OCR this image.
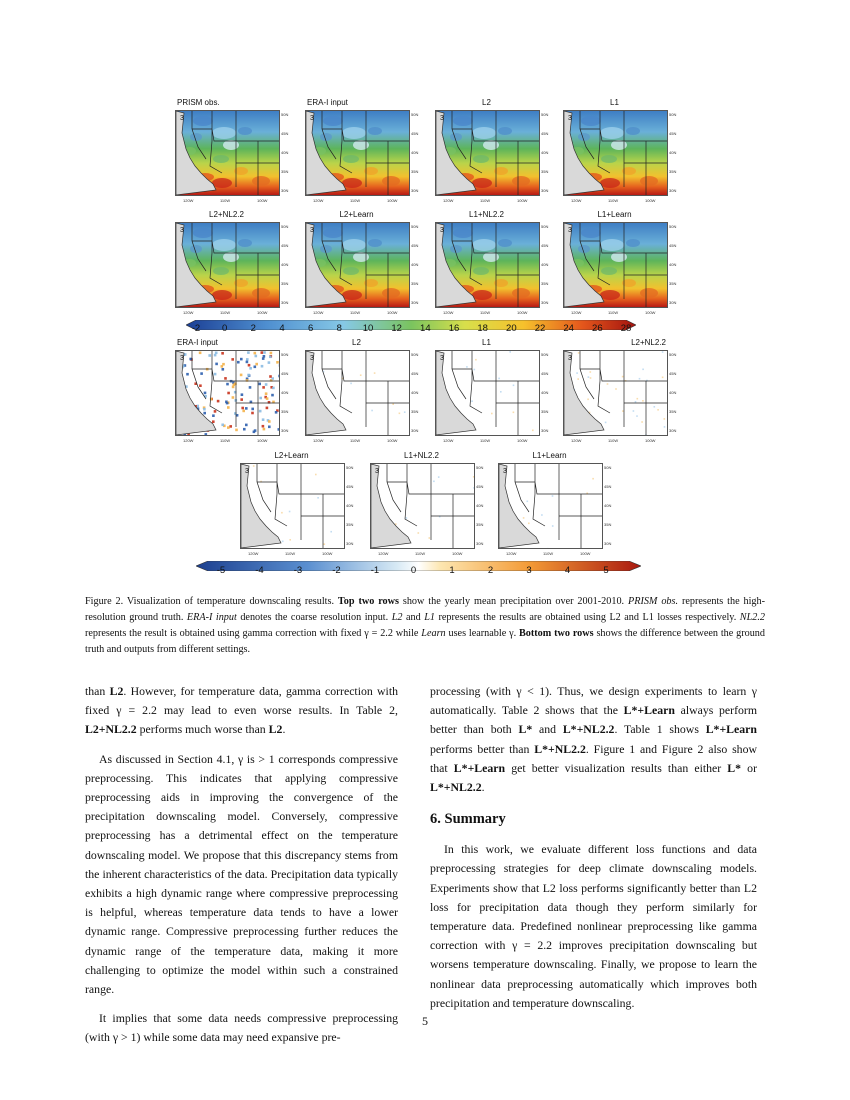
PRISM obs.
3
50N
45N
40N
35N
30N
120W	110W	100W
ERA-I input
3
50N
45N
40N
35N
30N
120W	110W	100W
L2
3
50N
45N
40N
35N
30N
120W	110W	100W
L1
3
50N
45N
40N
35N
30N
120W	110W	100W
L2+NL2.2
3
50N
45N
40N
35N
30N
120W	110W	100W
L2+Learn
3
50N
45N
40N
35N
30N
120W	110W	100W
L1+NL2.2
3
50N
45N
40N
35N
30N
120W	110W	100W
L1+Learn
3
50N
45N
40N
35N
30N
120W	110W	100W
ERA-I input
3
50N
45N
40N
35N
30N
120W	110W	100W
L2
3
50N
45N
40N
35N
30N
120W	110W	100W
L1
3
50N
45N
40N
35N
30N
120W	110W	100W
L2+NL2.2
3
50N
45N
40N
35N
30N
120W	110W	100W
L2+Learn
3
50N
45N
40N
35N
30N
120W	110W	100W
L1+NL2.2
3
50N
45N
40N
35N
30N
120W	110W	100W
L1+Learn
3
50N
45N
40N
35N
30N
120W	110W	100W
-2 0 2 4 6 8 10 12 14 16 18 20 22 24 26 28
-5	-4	-3	-2	-1	0	1	2	3	4	5
Figure 2. Visualization of temperature downscaling results. Top two rows show the yearly mean precipitation over 2001-2010. PRISM obs. represents the high-resolution ground truth. ERA-I input denotes the coarse resolution input. L2 and L1 represents the results are obtained using L2 and L1 losses respectively. NL2.2 represents the result is obtained using gamma correction with fixed γ = 2.2 while Learn uses learnable γ. Bottom two rows shows the difference between the ground truth and outputs from different settings.

than L2. However, for temperature data, gamma correction with fixed γ = 2.2 may lead to even worse results. In Table 2, L2+NL2.2 performs much worse than L2.

As discussed in Section 4.1, γ is > 1 corresponds compressive preprocessing. This indicates that applying compressive preprocessing aids in improving the convergence of the precipitation downscaling model. Conversely, compressive preprocessing has a detrimental effect on the temperature downscaling model. We propose that this discrepancy stems from the inherent characteristics of the data. Precipitation data typically exhibits a high dynamic range where compressive preprocessing is helpful, whereas temperature data tends to have a lower dynamic range. Compressive preprocessing further reduces the dynamic range of the temperature data, making it more challenging to optimize the model within such a constrained range.

It implies that some data needs compressive preprocessing (with γ > 1) while some data may need expansive pre-

processing (with γ < 1). Thus, we design experiments to learn γ automatically. Table 2 shows that the L*+Learn always perform better than both L* and L*+NL2.2. Table 1 shows L*+Learn performs better than L*+NL2.2. Figure 1 and Figure 2 also show that L*+Learn get better visualization results than either L* or L*+NL2.2.

6. Summary

In this work, we evaluate different loss functions and data preprocessing strategies for deep climate downscaling models. Experiments show that L2 loss performs significantly better than L2 loss for precipitation data though they perform similarly for temperature data. Predefined nonlinear preprocessing like gamma correction with γ = 2.2 improves precipitation downscaling but worsens temperature downscaling. Finally, we propose to learn the nonlinear data preprocessing automatically which improves both precipitation and temperature downscaling.

5
